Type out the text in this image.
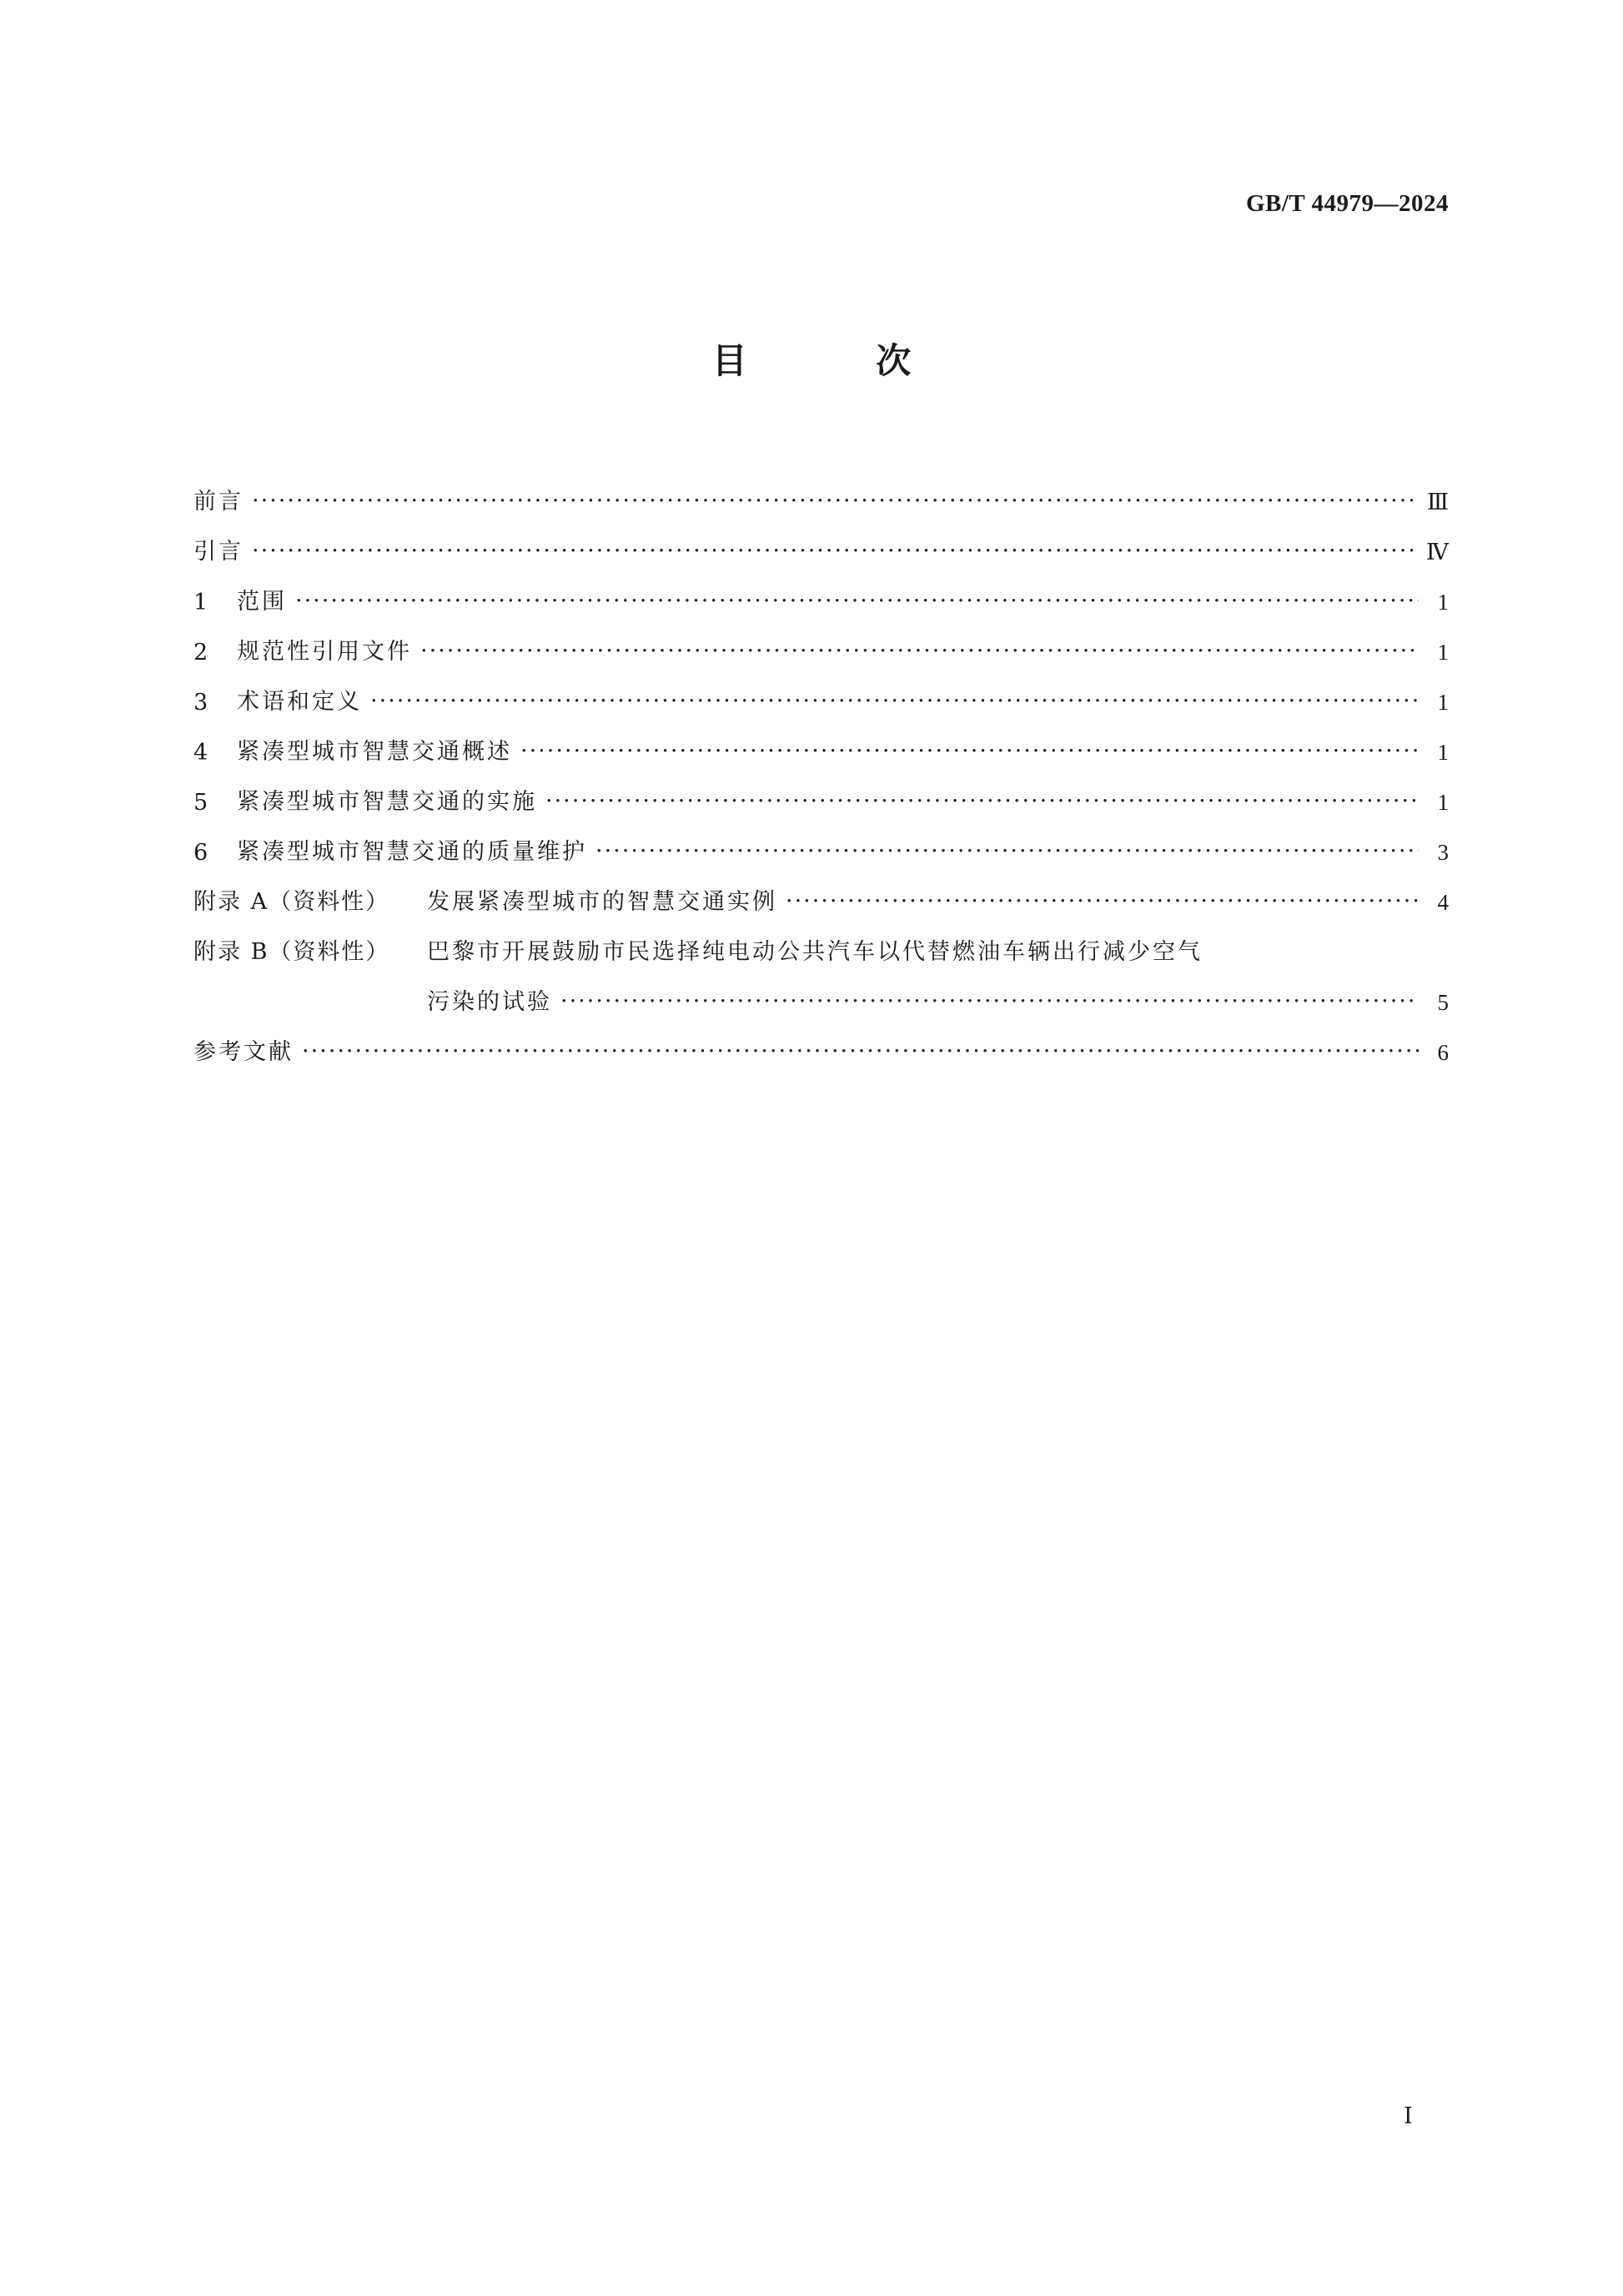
GB/T 44979—2024
目 次
前言 ·····	Ⅲ
引言 ·····	Ⅳ
1	范围 ·····	1
2	规范性引用文件 ·····	1
3	术语和定义 ·····	1
4	紧凑型城市智慧交通概述 ·····	1
5	紧凑型城市智慧交通的实施 ·····	1
6	紧凑型城市智慧交通的质量维护 ·····	3
附录 A（资料性）	发展紧凑型城市的智慧交通实例 ·····	4
附录 B（资料性）	巴黎市开展鼓励市民选择纯电动公共汽车以代替燃油车辆出行减少空气
污染的试验 ·····	5
参考文献 ·····	6
Ⅰ
